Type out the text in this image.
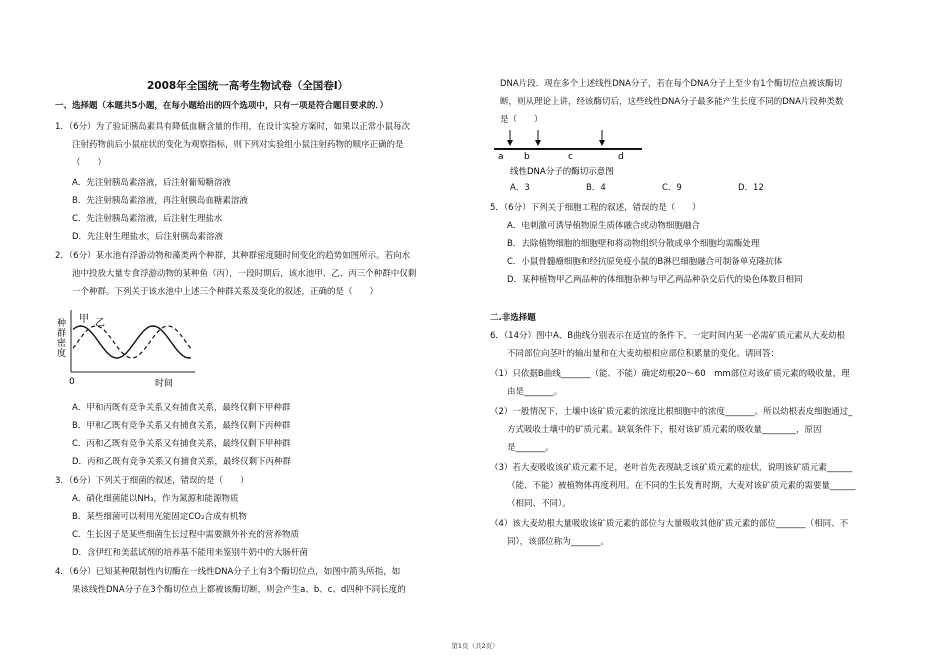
2008年全国统一高考生物试卷（全国卷Ⅰ）
一、选择题（本题共5小题，在每小题给出的四个选项中，只有一项是符合题目要求的．）
1．（6分）为了验证胰岛素具有降低血糖含量的作用，在设计实验方案时，如果以正常小鼠每次
注射药物前后小鼠症状的变化为观察指标，则下列对实验组小鼠注射药物的顺序正确的是
（　　）
A．先注射胰岛素溶液，后注射葡萄糖溶液
B．先注射胰岛素溶液，再注射胰岛血糖素溶液
C．先注射胰岛素溶液，后注射生理盐水
D．先注射生理盐水，后注射胰岛素溶液
2．（6分）某水池有浮游动物和藻类两个种群，其种群密度随时间变化的趋势如图所示。若向水
池中投放大量专食浮游动物的某种鱼（丙），一段时期后，该水池甲、乙、丙三个种群中仅剩
一个种群。下列关于该水池中上述三个种群关系及变化的叙述，正确的是（　　）
种
群
密
度
甲 乙
0	时间
A．甲和丙既有竞争关系又有捕食关系，最终仅剩下甲种群
B．甲和乙既有竞争关系又有捕食关系，最终仅剩下丙种群
C．丙和乙既有竞争关系又有捕食关系，最终仅剩下甲种群
D．丙和乙既有竞争关系又有捕食关系，最终仅剩下丙种群
3．（6分）下列关于细菌的叙述，错误的是（　　）
A．硝化细菌能以NH₃，作为氮源和能源物质
B．某些细菌可以利用光能固定CO₂合成有机物
C．生长因子是某些细菌生长过程中需要额外补充的营养物质
D．含伊红和美蓝试剂的培养基不能用来鉴别牛奶中的大肠杆菌
4．（6分）已知某种限制性内切酶在一线性DNA分子上有3个酶切位点，如图中箭头所指，如
果该线性DNA分子在3个酶切位点上都被该酶切断，则会产生a、b、c、d四种不同长度的
DNA片段．现在多个上述线性DNA分子，若在每个DNA分子上至少有1个酶切位点被该酶切
断，则从理论上讲，经该酶切后，这些线性DNA分子最多能产生长度不同的DNA片段种类数
是（　　）
a b	c	d
线性DNA分子的酶切示意图
A．3	B．4	C．9	D．12
5．（6分）下列关于细胞工程的叙述，错误的是（　　）
A．电刺激可诱导植物原生质体融合或动物细胞融合
B．去除植物细胞的细胞壁和将动物组织分散成单个细胞均需酶处理
C．小鼠骨髓瘤细胞和经抗原免疫小鼠的B淋巴细胞融合可制备单克隆抗体
D．某种植物甲乙两品种的体细胞杂种与甲乙两品种杂交后代的染色体数目相同
二.非选择题
6．（14分）图中A、B曲线分别表示在适宜的条件下，一定时间内某一必需矿质元素从大麦幼根
不同部位向茎叶的输出量和在大麦幼根相应部位积累量的变化。请回答：
（1）只依据B曲线_______（能、不能）确定幼根20～60　mm部位对该矿质元素的吸收量，理
由是_______。
（2）一般情况下，土壤中该矿质元素的浓度比根细胞中的浓度_______。所以幼根表皮细胞通过_
方式吸收土壤中的矿质元素。缺氧条件下，根对该矿质元素的吸收量________，原因
是_______。
（3）若大麦吸收该矿质元素不足，老叶首先表现缺乏该矿质元素的症状，说明该矿质元素______
（能、不能）被植物体再度利用。在不同的生长发育时期，大麦对该矿质元素的需要量______
（相同、不同）。
（4）该大麦幼根大量吸收该矿质元素的部位与大量吸收其他矿质元素的部位_______（相同、不
同），该部位称为_______。
第1页（共2页）
